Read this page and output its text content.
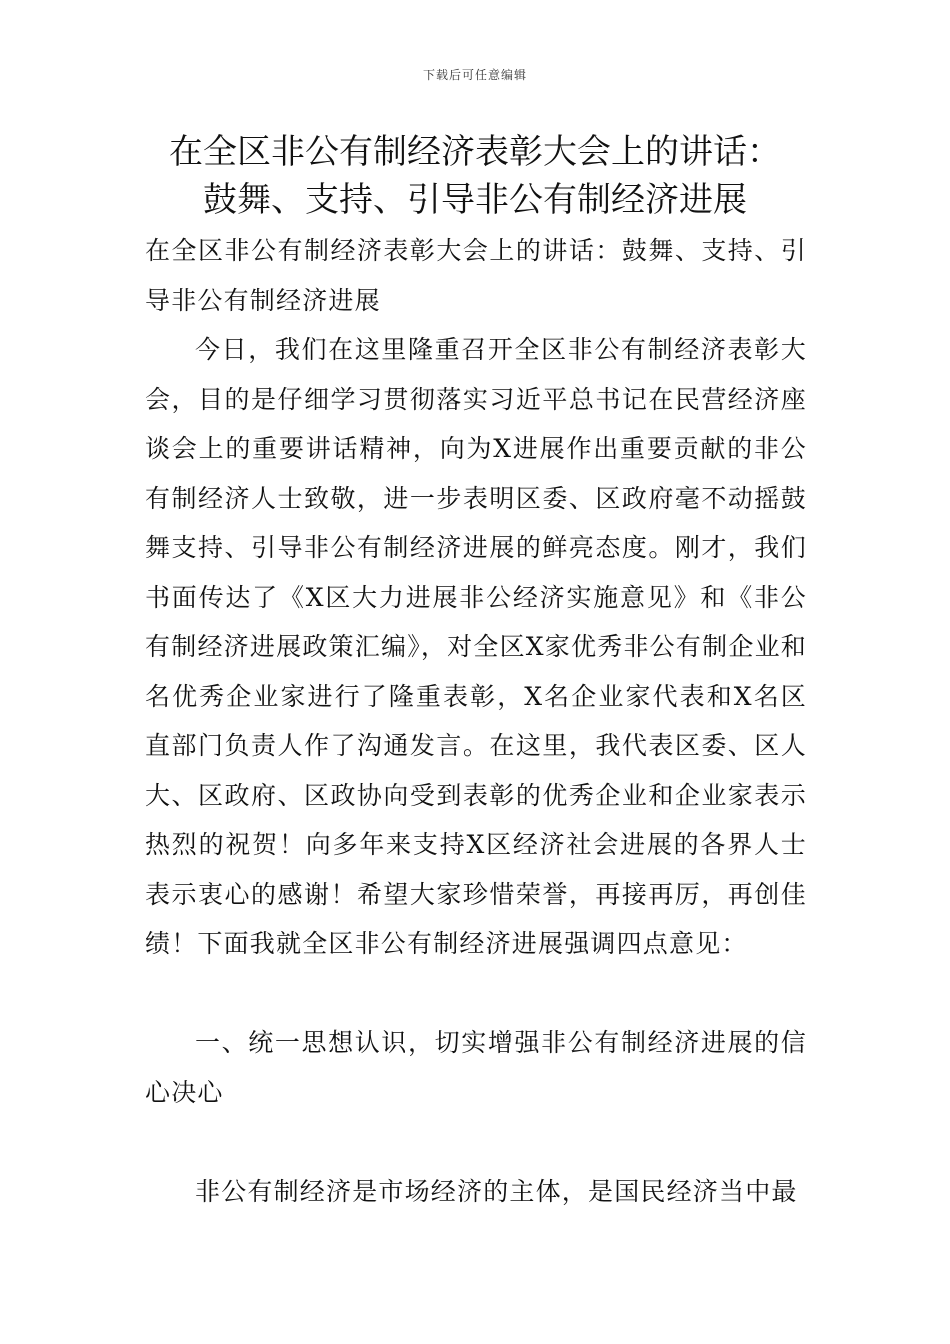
下载后可任意编辑
在全区非公有制经济表彰大会上的讲话：
鼓舞、支持、引导非公有制经济进展

在全区非公有制经济表彰大会上的讲话：鼓舞、支持、引导非公有制经济进展

今日，我们在这里隆重召开全区非公有制经济表彰大会，目的是仔细学习贯彻落实习近平总书记在民营经济座谈会上的重要讲话精神，向为X进展作出重要贡献的非公有制经济人士致敬，进一步表明区委、区政府毫不动摇鼓舞支持、引导非公有制经济进展的鲜亮态度。刚才，我们书面传达了《X区大力进展非公经济实施意见》和《非公有制经济进展政策汇编》，对全区X家优秀非公有制企业和名优秀企业家进行了隆重表彰，X名企业家代表和X名区直部门负责人作了沟通发言。在这里，我代表区委、区人大、区政府、区政协向受到表彰的优秀企业和企业家表示热烈的祝贺！向多年来支持X区经济社会进展的各界人士表示衷心的感谢！希望大家珍惜荣誉，再接再厉，再创佳绩！下面我就全区非公有制经济进展强调四点意见：

一、统一思想认识，切实增强非公有制经济进展的信心决心

非公有制经济是市场经济的主体，是国民经济当中最
